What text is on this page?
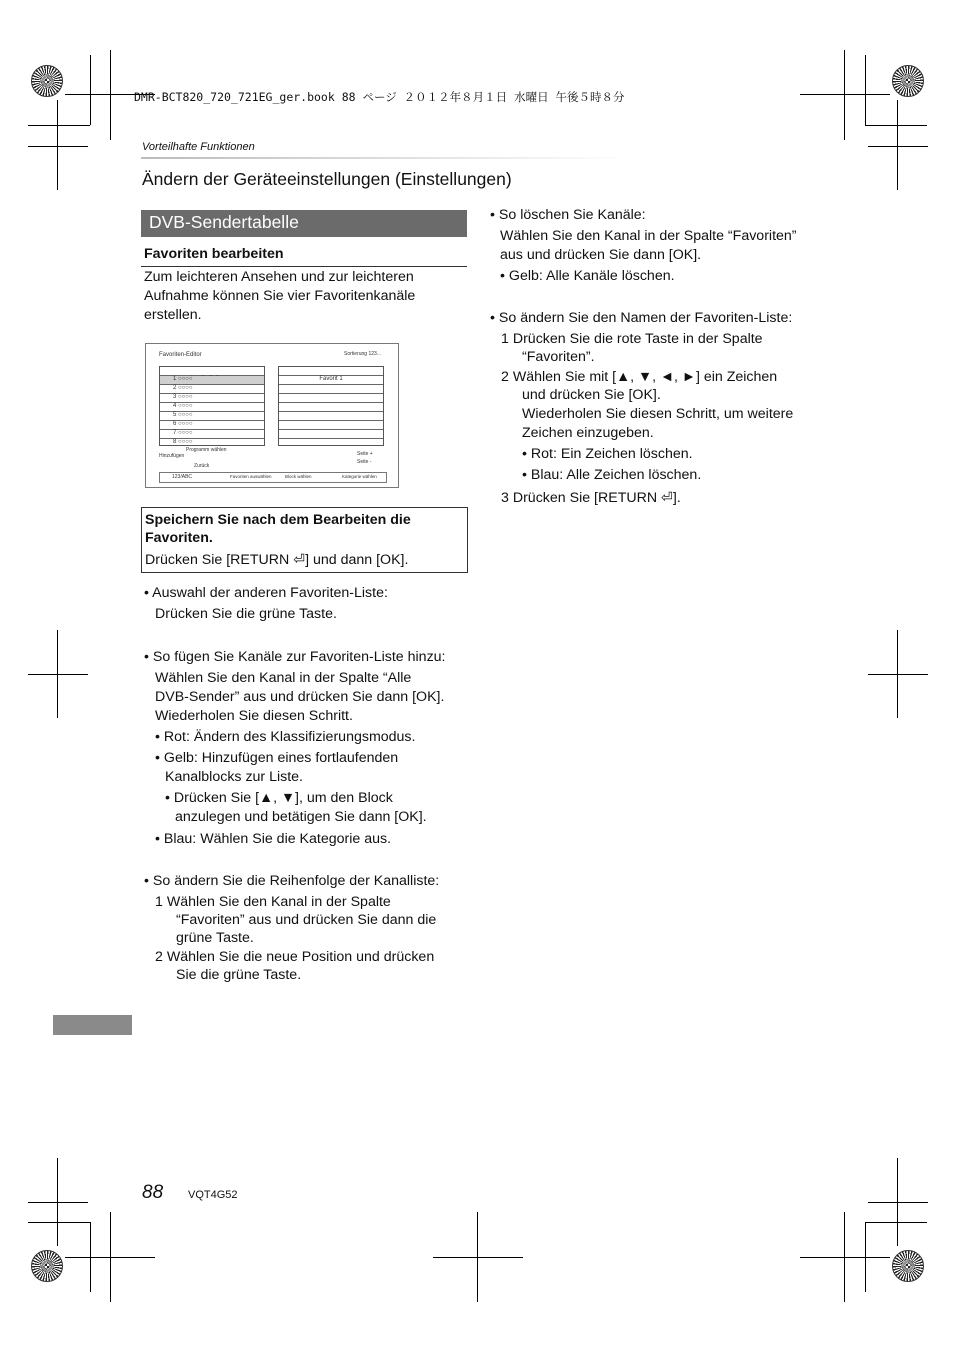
DMR-BCT820_720_721EG_ger.book 88 ページ ２０１２年８月１日 水曜日 午後５時８分
Vorteilhafte Funktionen
Ändern der Geräteeinstellungen (Einstellungen)
DVB-Sendertabelle
Favoriten bearbeiten
Zum leichteren Ansehen und zur leichteren
Aufnahme können Sie vier Favoritenkanäle
erstellen.
Favoriten-Editor	Sortierung 123...
1 ○○○○
2 ○○○○
3 ○○○○
4 ○○○○
5 ○○○○
6 ○○○○
7 ○○○○
8 ○○○○
Favorit 1
Hinzufügen
Programm wählen
Zurück
Seite +
Seite -
123/ABC	Favoriten auswählen	Block wählen	Kategorie wählen
Speichern Sie nach dem Bearbeiten die
Favoriten.
Drücken Sie [RETURN ⏎] und dann [OK].
• Auswahl der anderen Favoriten-Liste:
Drücken Sie die grüne Taste.
• So fügen Sie Kanäle zur Favoriten-Liste hinzu:
Wählen Sie den Kanal in der Spalte “Alle
DVB-Sender” aus und drücken Sie dann [OK].
Wiederholen Sie diesen Schritt.
• Rot: Ändern des Klassifizierungsmodus.
• Gelb: Hinzufügen eines fortlaufenden
Kanalblocks zur Liste.
• Drücken Sie [▲, ▼], um den Block
anzulegen und betätigen Sie dann [OK].
• Blau: Wählen Sie die Kategorie aus.
• So ändern Sie die Reihenfolge der Kanalliste:
1 Wählen Sie den Kanal in der Spalte
“Favoriten” aus und drücken Sie dann die
grüne Taste.
2 Wählen Sie die neue Position und drücken
Sie die grüne Taste.
• So löschen Sie Kanäle:
Wählen Sie den Kanal in der Spalte “Favoriten”
aus und drücken Sie dann [OK].
• Gelb: Alle Kanäle löschen.
• So ändern Sie den Namen der Favoriten-Liste:
1 Drücken Sie die rote Taste in der Spalte
“Favoriten”.
2 Wählen Sie mit [▲, ▼, ◄, ►] ein Zeichen
und drücken Sie [OK].
Wiederholen Sie diesen Schritt, um weitere
Zeichen einzugeben.
• Rot: Ein Zeichen löschen.
• Blau: Alle Zeichen löschen.
3 Drücken Sie [RETURN ⏎].
88 VQT4G52
